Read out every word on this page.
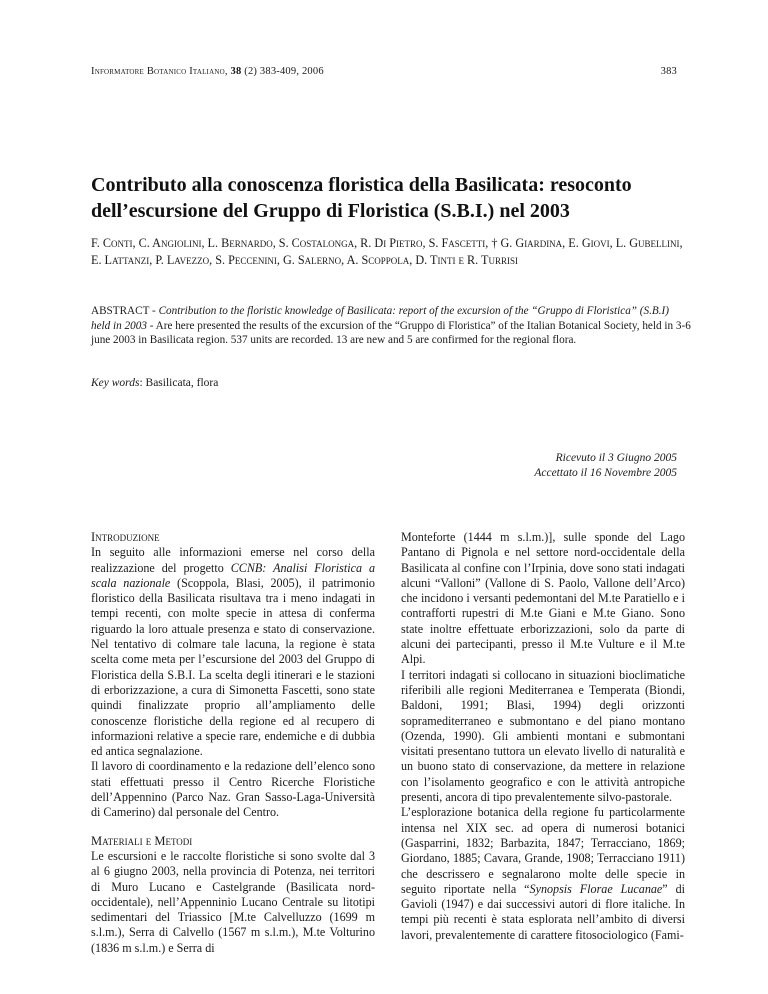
Informatore Botanico Italiano, 38 (2) 383-409, 2006	383
Contributo alla conoscenza floristica della Basilicata: resoconto dell’escursione del Gruppo di Floristica (S.B.I.) nel 2003
F. Conti, C. Angiolini, L. Bernardo, S. Costalonga, R. Di Pietro, S. Fascetti, † G. Giardina, E. Giovi, L. Gubellini, E. Lattanzi, P. Lavezzo, S. Peccenini, G. Salerno, A. Scoppola, D. Tinti e R. Turrisi
ABSTRACT - Contribution to the floristic knowledge of Basilicata: report of the excursion of the “Gruppo di Floristica” (S.B.I) held in 2003 - Are here presented the results of the excursion of the “Gruppo di Floristica” of the Italian Botanical Society, held in 3-6 june 2003 in Basilicata region. 537 units are recorded. 13 are new and 5 are confirmed for the regional flora.
Key words: Basilicata, flora
Ricevuto il 3 Giugno 2005
Accettato il 16 Novembre 2005

Introduzione

In seguito alle informazioni emerse nel corso della realizzazione del progetto CCNB: Analisi Floristica a scala nazionale (Scoppola, Blasi, 2005), il patrimonio floristico della Basilicata risultava tra i meno indagati in tempi recenti, con molte specie in attesa di conferma riguardo la loro attuale presenza e stato di conservazione. Nel tentativo di colmare tale lacuna, la regione è stata scelta come meta per l’escursione del 2003 del Gruppo di Floristica della S.B.I. La scelta degli itinerari e le stazioni di erborizzazione, a cura di Simonetta Fascetti, sono state quindi finalizzate proprio all’ampliamento delle conoscenze floristiche della regione ed al recupero di informazioni relative a specie rare, endemiche e di dubbia ed antica segnalazione.

Il lavoro di coordinamento e la redazione dell’elenco sono stati effettuati presso il Centro Ricerche Floristiche dell’Appennino (Parco Naz. Gran Sasso-Laga-Università di Camerino) dal personale del Centro.

Materiali e Metodi

Le escursioni e le raccolte floristiche si sono svolte dal 3 al 6 giugno 2003, nella provincia di Potenza, nei territori di Muro Lucano e Castelgrande (Basilicata nord-occidentale), nell’Appenninio Lucano Centrale su litotipi sedimentari del Triassico [M.te Calvelluzzo (1699 m s.l.m.), Serra di Calvello (1567 m s.l.m.), M.te Volturino (1836 m s.l.m.) e Serra di

Monteforte (1444 m s.l.m.)], sulle sponde del Lago Pantano di Pignola e nel settore nord-occidentale della Basilicata al confine con l’Irpinia, dove sono stati indagati alcuni “Valloni” (Vallone di S. Paolo, Vallone dell’Arco) che incidono i versanti pedemontani del M.te Paratiello e i contrafforti rupestri di M.te Giani e M.te Giano. Sono state inoltre effettuate erborizzazioni, solo da parte di alcuni dei partecipanti, presso il M.te Vulture e il M.te Alpi.

I territori indagati si collocano in situazioni bioclimatiche riferibili alle regioni Mediterranea e Temperata (Biondi, Baldoni, 1991; Blasi, 1994) degli orizzonti sopramediterraneo e submontano e del piano montano (Ozenda, 1990). Gli ambienti montani e submontani visitati presentano tuttora un elevato livello di naturalità e un buono stato di conservazione, da mettere in relazione con l’isolamento geografico e con le attività antropiche presenti, ancora di tipo prevalentemente silvo-pastorale.

L’esplorazione botanica della regione fu particolarmente intensa nel XIX sec. ad opera di numerosi botanici (Gasparrini, 1832; Barbazita, 1847; Terracciano, 1869; Giordano, 1885; Cavara, Grande, 1908; Terracciano 1911) che descrissero e segnalarono molte delle specie in seguito riportate nella “Synopsis Florae Lucanae” di Gavioli (1947) e dai successivi autori di flore italiche. In tempi più recenti è stata esplorata nell’ambito di diversi lavori, prevalentemente di carattere fitosociologico (Fami-
